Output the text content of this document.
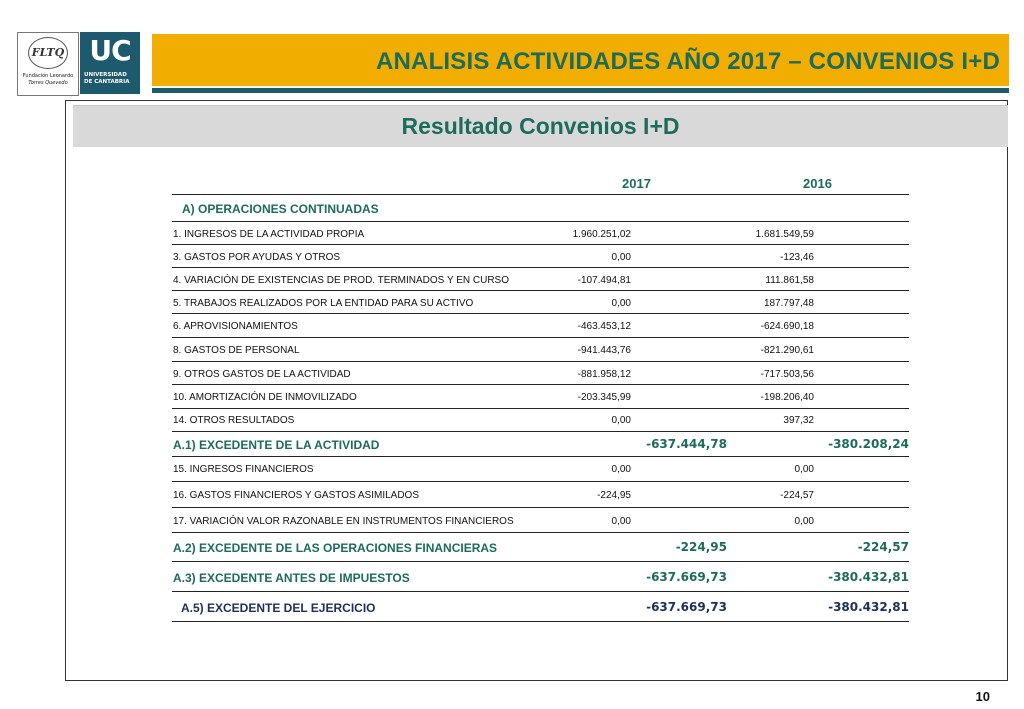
FLTQ
Fundación Leonardo
Torres Quevedo
UC
UNIVERSIDAD
DE CANTABRIA
ANALISIS ACTIVIDADES AÑO 2017 – CONVENIOS I+D
Resultado Convenios I+D
2017	2016
A) OPERACIONES CONTINUADAS
1. INGRESOS DE LA ACTIVIDAD PROPIA	1.960.251,02	1.681.549,59
3. GASTOS POR AYUDAS Y OTROS	0,00	-123,46
4. VARIACIÓN DE EXISTENCIAS DE PROD. TERMINADOS Y EN CURSO	-107.494,81	111.861,58
5. TRABAJOS REALIZADOS POR LA ENTIDAD PARA SU ACTIVO	0,00	187.797,48
6. APROVISIONAMIENTOS	-463.453,12	-624.690,18
8. GASTOS DE PERSONAL	-941.443,76	-821.290,61
9. OTROS GASTOS DE LA ACTIVIDAD	-881.958,12	-717.503,56
10. AMORTIZACIÓN DE INMOVILIZADO	-203.345,99	-198.206,40
14. OTROS RESULTADOS	0,00	397,32
A.1) EXCEDENTE DE LA ACTIVIDAD	-637.444,78	-380.208,24
15. INGRESOS FINANCIEROS	0,00	0,00
16. GASTOS FINANCIEROS Y GASTOS ASIMILADOS	-224,95	-224,57
17. VARIACIÓN VALOR RAZONABLE EN INSTRUMENTOS FINANCIEROS	0,00	0,00
A.2) EXCEDENTE DE LAS OPERACIONES FINANCIERAS	-224,95	-224,57
A.3) EXCEDENTE ANTES DE IMPUESTOS	-637.669,73	-380.432,81
A.5) EXCEDENTE DEL EJERCICIO	-637.669,73	-380.432,81
10
